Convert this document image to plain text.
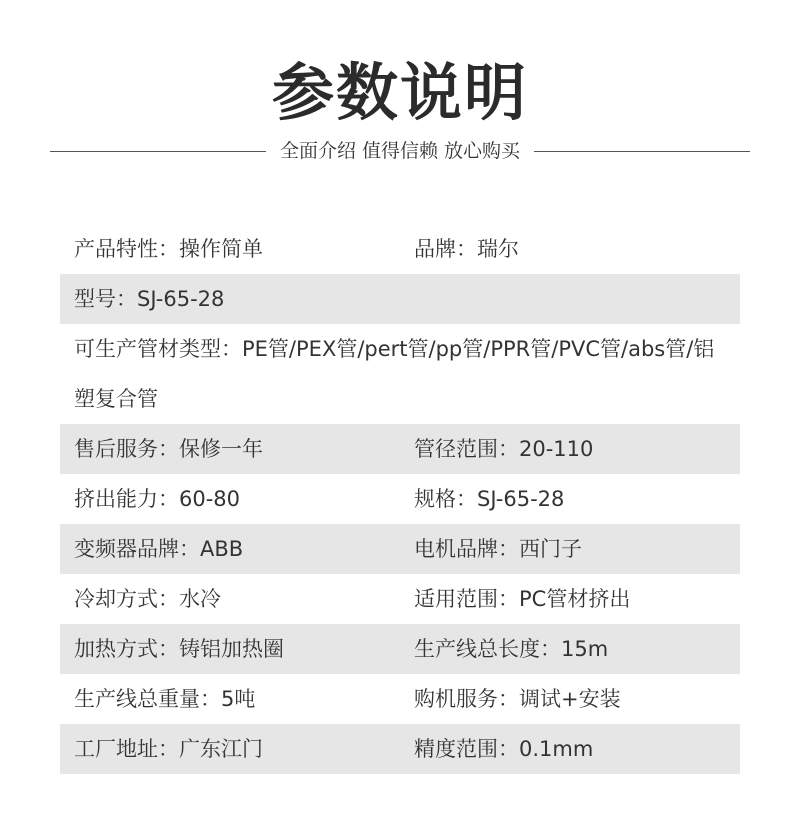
参数说明
全面介绍 值得信赖 放心购买
产品特性：操作简单	品牌：瑞尔
型号：SJ-65-28
可生产管材类型：PE管/PEX管/pert管/pp管/PPR管/PVC管/abs管/铝塑复合管
售后服务：保修一年	管径范围：20-110
挤出能力：60-80	规格：SJ-65-28
变频器品牌：ABB	电机品牌：西门子
冷却方式：水冷	适用范围：PC管材挤出
加热方式：铸铝加热圈	生产线总长度：15m
生产线总重量：5吨	购机服务：调试+安装
工厂地址：广东江门	精度范围：0.1mm
